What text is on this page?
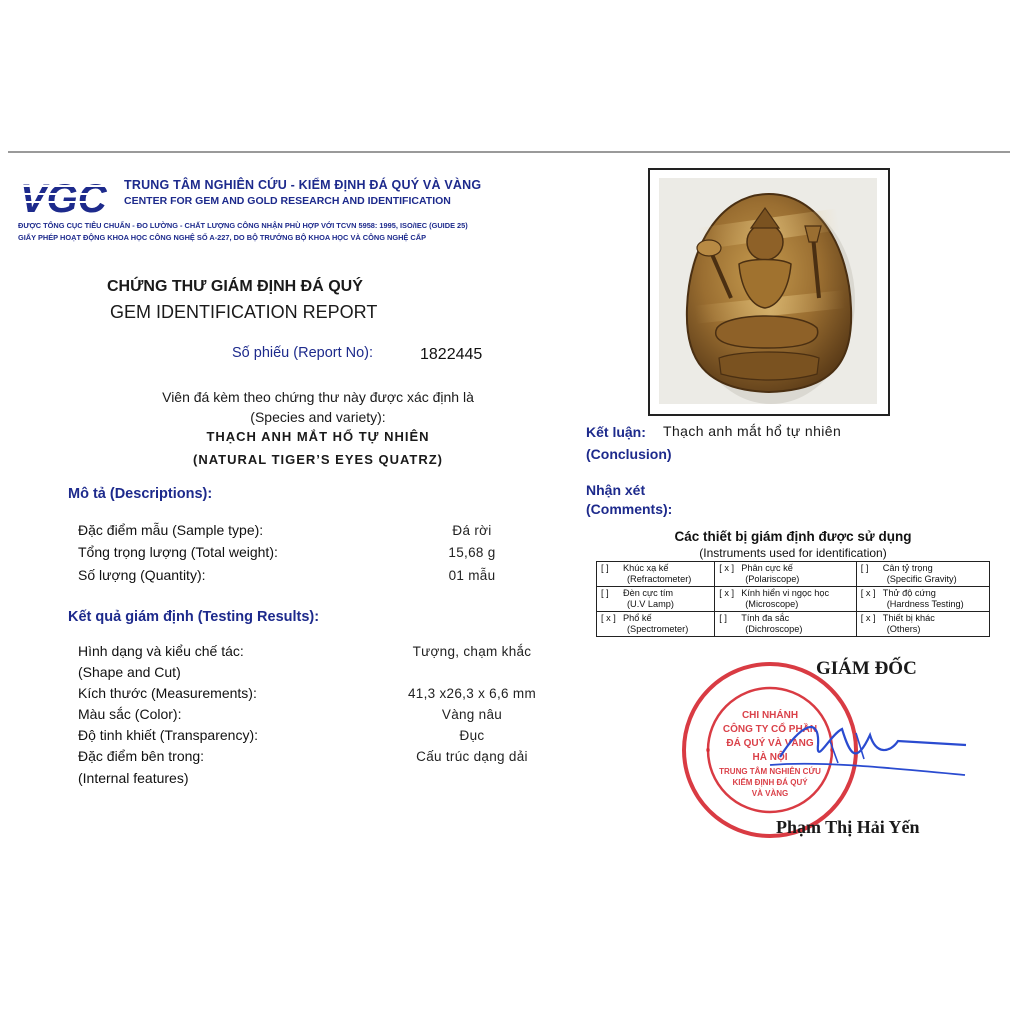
VGC TRUNG TÂM NGHIÊN CỨU - KIỂM ĐỊNH ĐÁ QUÝ VÀ VÀNG
CENTER FOR GEM AND GOLD RESEARCH AND IDENTIFICATION
ĐƯỢC TỔNG CỤC TIÊU CHUẨN - ĐO LƯỜNG - CHẤT LƯỢNG CÔNG NHẬN PHÙ HỢP VỚI TCVN 5958: 1995, ISO/IEC (GUIDE 25)
GIẤY PHÉP HOẠT ĐỘNG KHOA HỌC CÔNG NGHỆ SỐ A-227, DO BỘ TRƯỞNG BỘ KHOA HỌC VÀ CÔNG NGHỆ CẤP
CHỨNG THƯ GIÁM ĐỊNH ĐÁ QUÝ
GEM IDENTIFICATION REPORT
Số phiếu (Report No):	1822445
Viên đá kèm theo chứng thư này được xác định là
(Species and variety):
THẠCH ANH MẮT HỔ TỰ NHIÊN
(NATURAL TIGER’S EYES QUATRZ)
Mô tả (Descriptions):
Đặc điểm mẫu (Sample type):	Đá rời
Tổng trọng lượng (Total weight):	15,68 g
Số lượng (Quantity):	01 mẫu
Kết quả giám định (Testing Results):
Hình dạng và kiểu chế tác:
(Shape and Cut)
Tượng, chạm khắc
Kích thước (Measurements):	41,3 x26,3 x 6,6 mm
Màu sắc (Color):	Vàng nâu
Độ tinh khiết (Transparency):	Đục
Đặc điểm bên trong:
(Internal features)
Cấu trúc dạng dải
Kết luận: Thạch anh mắt hổ tự nhiên
(Conclusion)
Nhận xét
(Comments):
Các thiết bị giám định được sử dụng
(Instruments used for identification)
[ ] Khúc xạ kế
(Refractometer)	[ x ] Phân cực kế
(Polariscope)	[ ] Cân tỷ trọng
(Specific Gravity)

[ ] Đèn cực tím
(U.V Lamp)	[ x ] Kính hiển vi ngọc học
(Microscope)	[ x ] Thử độ cứng
(Hardness Testing)

[ x ] Phổ kế
(Spectrometer)	[ ] Tính đa sắc
(Dichroscope)	[ x ] Thiết bị khác
(Others)
CHI NHÁNH
CÔNG TY CỔ PHẦN
ĐÁ QUÝ VÀ VÀNG
HÀ NỘI
TRUNG TÂM NGHIÊN CỨU
KIỂM ĐỊNH ĐÁ QUÝ
VÀ VÀNG
GIÁM ĐỐC
Phạm Thị Hải Yến
